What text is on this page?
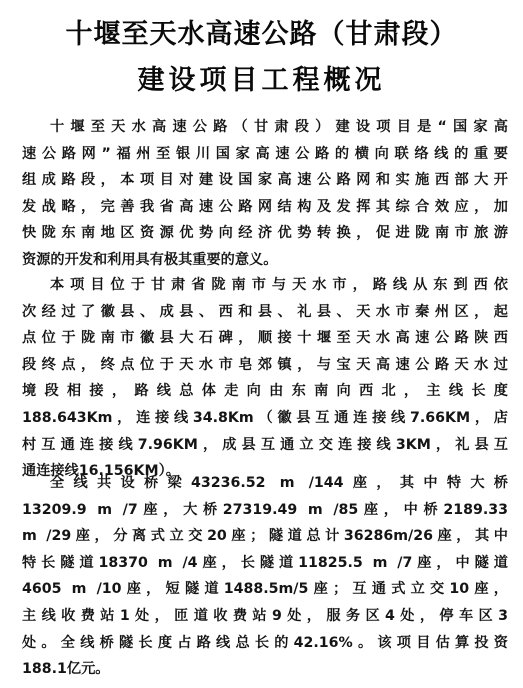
十堰至天水高速公路（甘肃段）
建设项目工程概况
十堰至天水高速公路（甘肃段）建设项目是“国家高
速公路网”福州至银川国家高速公路的横向联络线的重要
组成路段，本项目对建设国家高速公路网和实施西部大开
发战略，完善我省高速公路网结构及发挥其综合效应，加
快陇东南地区资源优势向经济优势转换，促进陇南市旅游
资源的开发和利用具有极其重要的意义。
本项目位于甘肃省陇南市与天水市，路线从东到西依
次经过了徽县、成县、西和县、礼县、天水市秦州区，起
点位于陇南市徽县大石碑，顺接十堰至天水高速公路陕西
段终点，终点位于天水市皂郊镇，与宝天高速公路天水过
境段相接，路线总体走向由东南向西北，主线长度
188.643Km，连接线34.8Km（徽县互通连接线7.66KM，店
村互通连接线7.96KM，成县互通立交连接线3KM，礼县互
通连接线16.156KM）。
全线共设桥梁43236.52 m /144座，其中特大桥
13209.9 m /7座，大桥27319.49 m /85座，中桥2189.33
m /29座，分离式立交20座；隧道总计36286m/26座，其中
特长隧道18370 m /4座，长隧道11825.5 m /7座，中隧道
4605 m /10座，短隧道1488.5m/5座；互通式立交10座，
主线收费站1处，匝道收费站9处，服务区4处，停车区3
处。全线桥隧长度占路线总长的42.16%。该项目估算投资
188.1亿元。
